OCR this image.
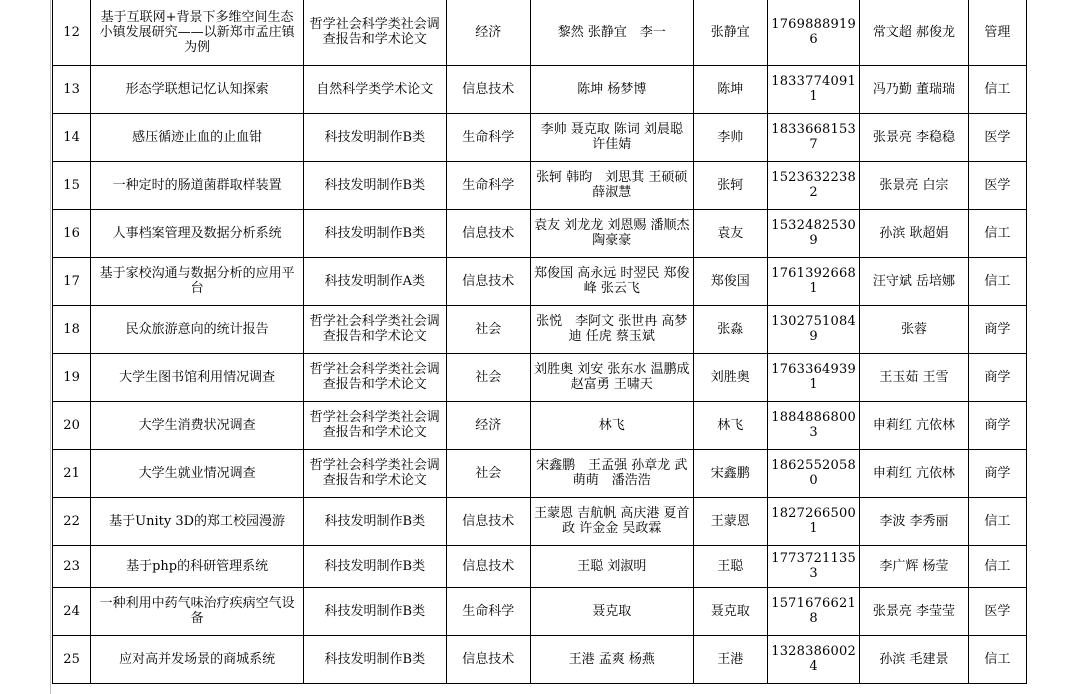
12	基于互联网+背景下多维空间生态小镇发展研究——以新郑市孟庄镇为例	哲学社会科学类社会调查报告和学术论文	经济	黎然 张静宜　李一	张静宜	17698889196	常文超 郝俊龙	管理
13	形态学联想记忆认知探索	自然科学类学术论文	信息技术	陈坤 杨梦博	陈坤	18337740911	冯乃勤 董瑞瑞	信工
14	感压循迹止血的止血钳	科技发明制作B类	生命科学	李帅 聂克取 陈词 刘晨聪 许佳婧	李帅	18336681537	张景亮 李稳稳	医学
15	一种定时的肠道菌群取样装置	科技发明制作B类	生命科学	张轲 韩昀　刘思萁 王硕硕 薛淑慧	张轲	15236322382	张景亮 白宗	医学
16	人事档案管理及数据分析系统	科技发明制作B类	信息技术	袁友 刘龙龙 刘恩赐 潘顺杰 陶豪豪	袁友	15324825309	孙滨 耿超娟	信工
17	基于家校沟通与数据分析的应用平台	科技发明制作A类	信息技术	郑俊国 高永远 时翌民 郑俊峰 张云飞	郑俊国	17613926681	汪守斌 岳培娜	信工
18	民众旅游意向的统计报告	哲学社会科学类社会调查报告和学术论文	社会	张悦　李阿文 张世冉 高梦迪 任虎 蔡玉斌	张淼	13027510849	张蓉	商学
19	大学生图书馆利用情况调查	哲学社会科学类社会调查报告和学术论文	社会	刘胜奥 刘安 张东水 温鹏成 赵富勇 王啸天	刘胜奥	17633649391	王玉茹 王雪	商学
20	大学生消费状况调查	哲学社会科学类社会调查报告和学术论文	经济	林飞	林飞	18848868003	申莉红 亢依林	商学
21	大学生就业情况调查	哲学社会科学类社会调查报告和学术论文	社会	宋鑫鹏　王孟强 孙章龙 武萌萌　潘浩浩	宋鑫鹏	18625520580	申莉红 亢依林	商学
22	基于Unity 3D的郑工校园漫游	科技发明制作B类	信息技术	王蒙恩 吉航帆 高庆港 夏首政 许金金 吴政霖	王蒙恩	18272665001	李波 李秀丽	信工
23	基于php的科研管理系统	科技发明制作B类	信息技术	王聪 刘淑明	王聪	17737211353	李广辉 杨莹	信工
24	一种利用中药气味治疗疾病空气设备	科技发明制作B类	生命科学	聂克取	聂克取	15716766218	张景亮 李莹莹	医学
25	应对高并发场景的商城系统	科技发明制作B类	信息技术	王港 孟爽 杨燕	王港	13283860024	孙滨 毛建景	信工
